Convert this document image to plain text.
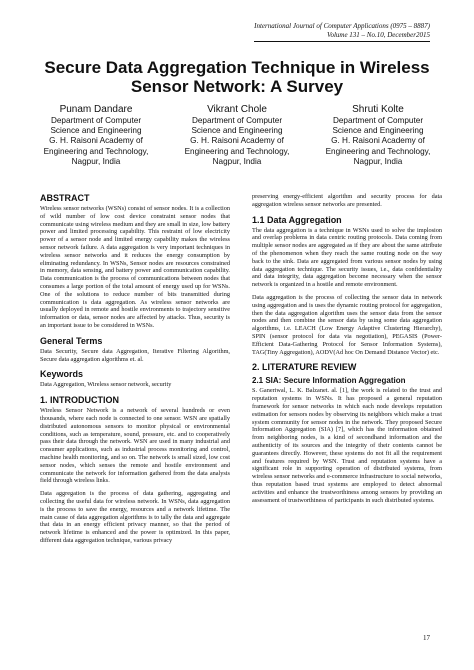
International Journal of Computer Applications (0975 – 8887)
Volume 131 – No.10, December2015
Secure Data Aggregation Technique in Wireless Sensor Network: A Survey
Punam Dandare
Department of Computer
Science and Engineering
G. H. Raisoni Academy of
Engineering and Technology,
Nagpur, India
Vikrant Chole
Department of Computer
Science and Engineering
G. H. Raisoni Academy of
Engineering and Technology,
Nagpur, India
Shruti Kolte
Department of Computer
Science and Engineering
G. H. Raisoni Academy of
Engineering and Technology,
Nagpur, India
ABSTRACT

Wireless sensor networks (WSNs) consist of sensor nodes. It is a collection of wild number of low cost device constraint sensor nodes that communicate using wireless medium and they are small in size, low battery power and limited processing capability. This restraint of low electricity power of a sensor node and limited energy capability makes the wireless sensor network failure. A data aggregation is very important techniques in wireless sensor networks and it reduces the energy consumption by eliminating redundancy. In WSNs, Sensor nodes are resources constrained in memory, data sensing, and battery power and communication capability. Data communication is the process of communications between nodes that consumes a large portion of the total amount of energy used up for WSNs. One of the solutions to reduce number of bits transmitted during communication is data aggregation. As wireless sensor networks are usually deployed in remote and hostile environments to trajectory sensitive information or data, sensor nodes are affected by attacks. Thus, security is an important issue to be considered in WSNs.

General Terms

Data Security, Secure data Aggregation, Iterative Filtering Algorithm, Secure data aggregation algorithms et. al.

Keywords

Data Aggregation, Wireless sensor network, security

1. INTRODUCTION

Wireless Sensor Network is a network of several hundreds or even thousands, where each node is connected to one sensor. WSN are spatially distributed autonomous sensors to monitor physical or environmental conditions, such as temperature, sound, pressure, etc. and to cooperatively pass their data through the network. WSN are used in many industrial and consumer applications, such as industrial process monitoring and control, machine health monitoring, and so on. The network is small sized, low cost sensor nodes, which senses the remote and hostile environment and communicate the network for information gathered from the data analysis field through wireless links.

Data aggregation is the process of data gathering, aggregating and collecting the useful data for wireless network. In WSNs, data aggregation is the process to save the energy, resources and a network lifetime. The main cause of data aggregation algorithms is to tally the data and aggregate that data in an energy efficient privacy manner, so that the period of network lifetime is enhanced and the power is optimized. In this paper, different data aggregation technique, various privacy

preserving energy-efficient algorithm and security process for data aggregation wireless sensor networks are presented.

1.1 Data Aggregation

The data aggregation is a technique in WSNs used to solve the implosion and overlap problems in data centric routing protocols. Data coming from multiple sensor nodes are aggregated as if they are about the same attribute of the phenomenon when they reach the same routing node on the way back to the sink. Data are aggregated from various sensor nodes by using data aggregation technique. The security issues, i.e., data confidentiality and data integrity, data aggregation become necessary when the sensor network is organized in a hostile and remote environment.

Data aggregation is the process of collecting the sensor data in network using aggregation and is uses the dynamic routing protocol for aggregation, then the data aggregation algorithm uses the sensor data from the sensor nodes and then combine the sensor data by using some data aggregation algorithms, i.e. LEACH (Low Energy Adaptive Clustering Hierarchy), SPIN (sensor protocol for data via negotiation), PEGASIS (Power- Efficient Data-Gathering Protocol for Sensor Information Systems), TAG(Tiny Aggregation), AODV(Ad hoc On Demand Distance Vector) etc.

2. LITERATURE REVIEW
2.1 SIA: Secure Information Aggregation

S. Ganeriwal, L. K. Balzanet. al. [1], the work is related to the trust and reputation systems in WSNs. It has proposed a general reputation framework for sensor networks in which each node develops reputation estimation for sensors nodes by observing its neighbors which make a trust system community for sensor nodes in the network. They proposed Secure Information Aggregation (SIA) [7], which has the information obtained from neighboring nodes, is a kind of secondhand information and the authenticity of its sources and the integrity of their contents cannot be guarantees directly. However, these systems do not fit all the requirement and features required by WSN. Trust and reputation systems have a significant role in supporting operation of distributed systems, from wireless sensor networks and e-commerce infrastructure to social networks, thus reputation based trust systems are employed to detect abnormal activities and enhance the trustworthiness among sensors by providing an assessment of trustworthiness of participants in such distributed systems.

17
